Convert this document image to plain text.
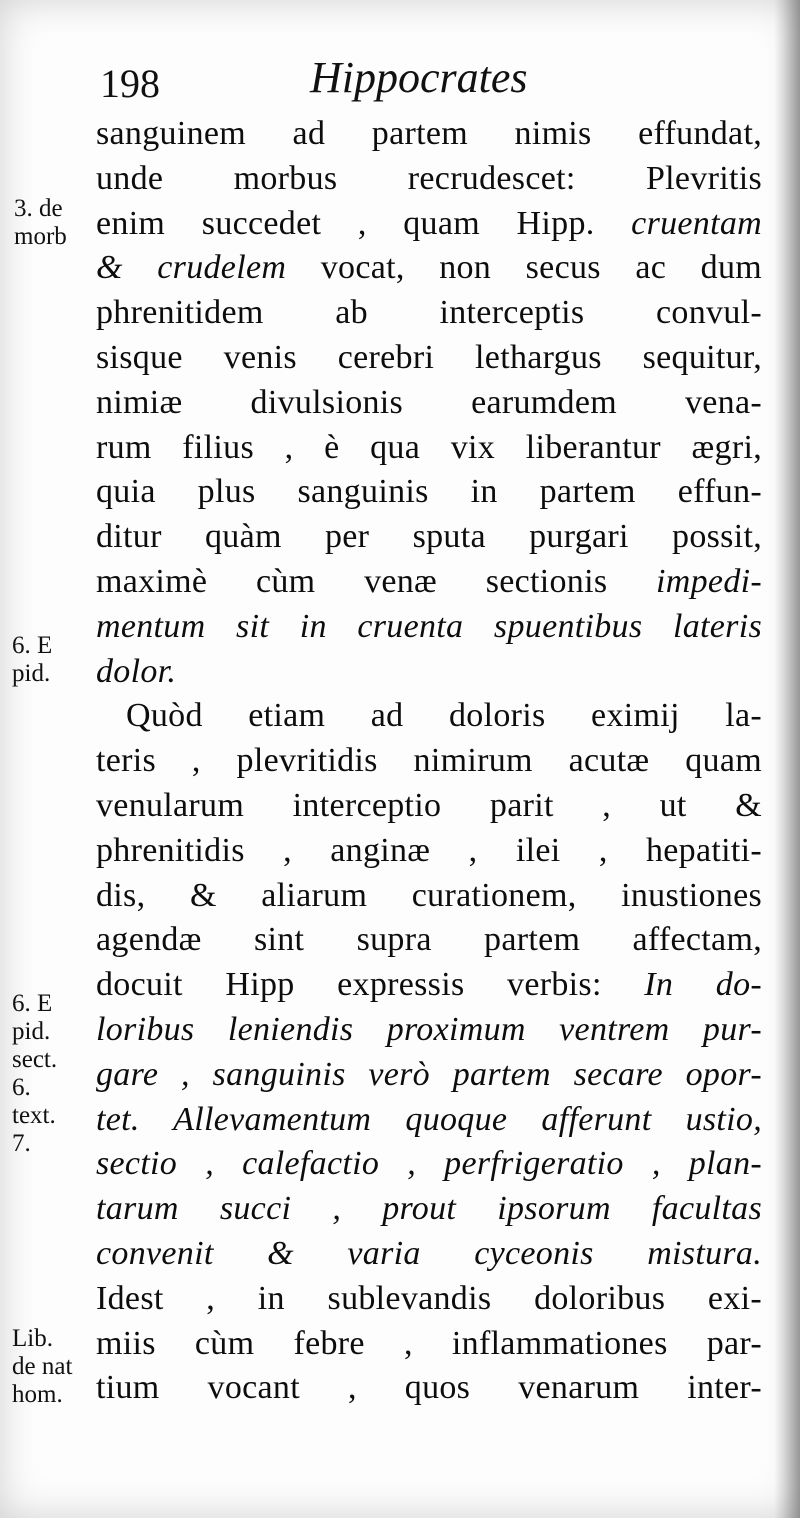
198	Hippocrates
sanguinem ad partem nimis effundat,
unde morbus recrudescet: Plevritis
enim succedet , quam Hipp. cruentam
& crudelem vocat, non secus ac dum
phrenitidem ab interceptis convul-
sisque venis cerebri lethargus sequitur,
nimiæ divulsionis earumdem vena-
rum filius , è qua vix liberantur ægri,
quia plus sanguinis in partem effun-
ditur quàm per sputa purgari possit,
maximè cùm venæ sectionis impedi-
mentum sit in cruenta spuentibus lateris
dolor.
Quòd etiam ad doloris eximij la-
teris , plevritidis nimirum acutæ quam
venularum interceptio parit , ut &
phrenitidis , anginæ , ilei , hepatiti-
dis, & aliarum curationem, inustiones
agendæ sint supra partem affectam,
docuit Hipp expressis verbis: In do-
loribus leniendis proximum ventrem pur-
gare , sanguinis verò partem secare opor-
tet. Allevamentum quoque afferunt ustio,
sectio , calefactio , perfrigeratio , plan-
tarum succi , prout ipsorum facultas
convenit & varia cyceonis mistura.
Idest , in sublevandis doloribus exi-
miis cùm febre , inflammationes par-
tium vocant , quos venarum inter-
3. de
morb
6. E
pid.
6. E
pid.
sect.
6.
text.
7.
Lib.
de nat
hom.
